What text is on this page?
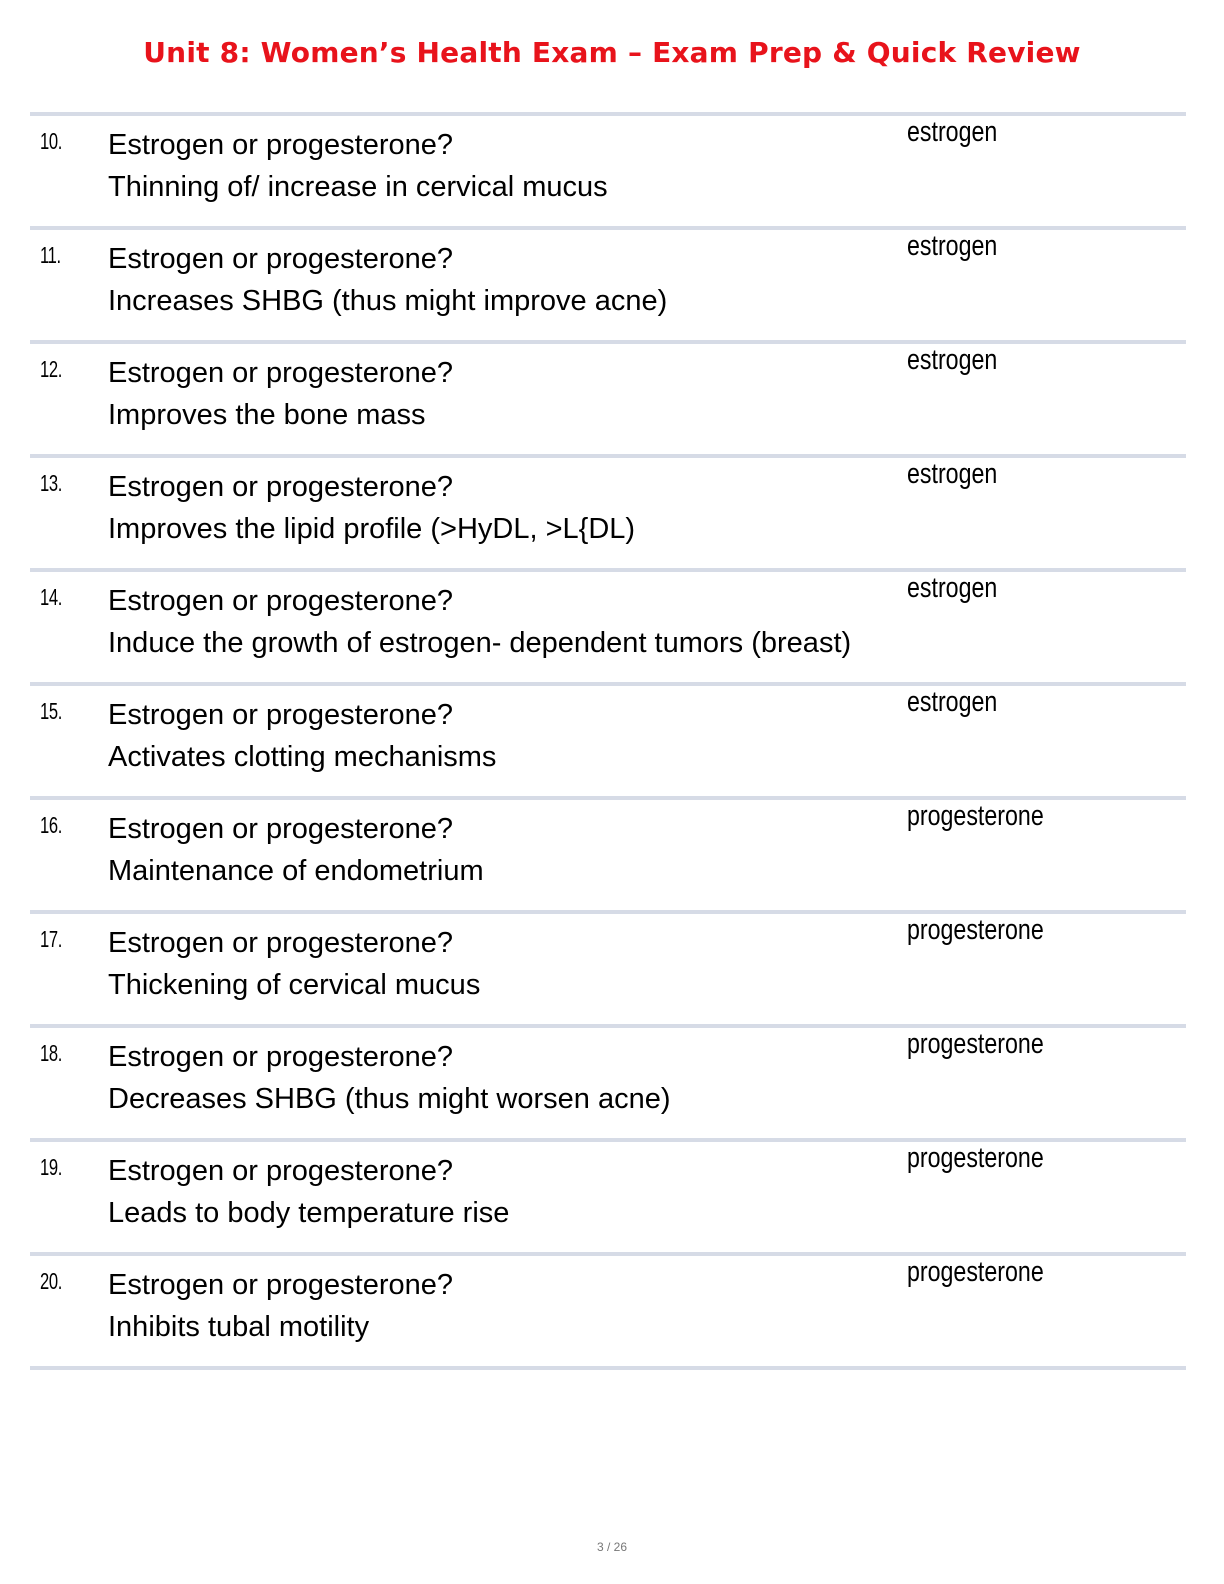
Unit 8: Women’s Health Exam – Exam Prep & Quick Review
10. Estrogen or progesterone?
Thinning of/ increase in cervical mucus
estrogen
11. Estrogen or progesterone?
Increases SHBG (thus might improve acne)
estrogen
12. Estrogen or progesterone?
Improves the bone mass
estrogen
13. Estrogen or progesterone?
Improves the lipid profile (>HyDL, >L{DL)
estrogen
14. Estrogen or progesterone?
Induce the growth of estrogen- dependent tumors (breast)
estrogen
15. Estrogen or progesterone?
Activates clotting mechanisms
estrogen
16. Estrogen or progesterone?
Maintenance of endometrium
progesterone
17. Estrogen or progesterone?
Thickening of cervical mucus
progesterone
18. Estrogen or progesterone?
Decreases SHBG (thus might worsen acne)
progesterone
19. Estrogen or progesterone?
Leads to body temperature rise
progesterone
20. Estrogen or progesterone?
Inhibits tubal motility
progesterone
3 / 26
